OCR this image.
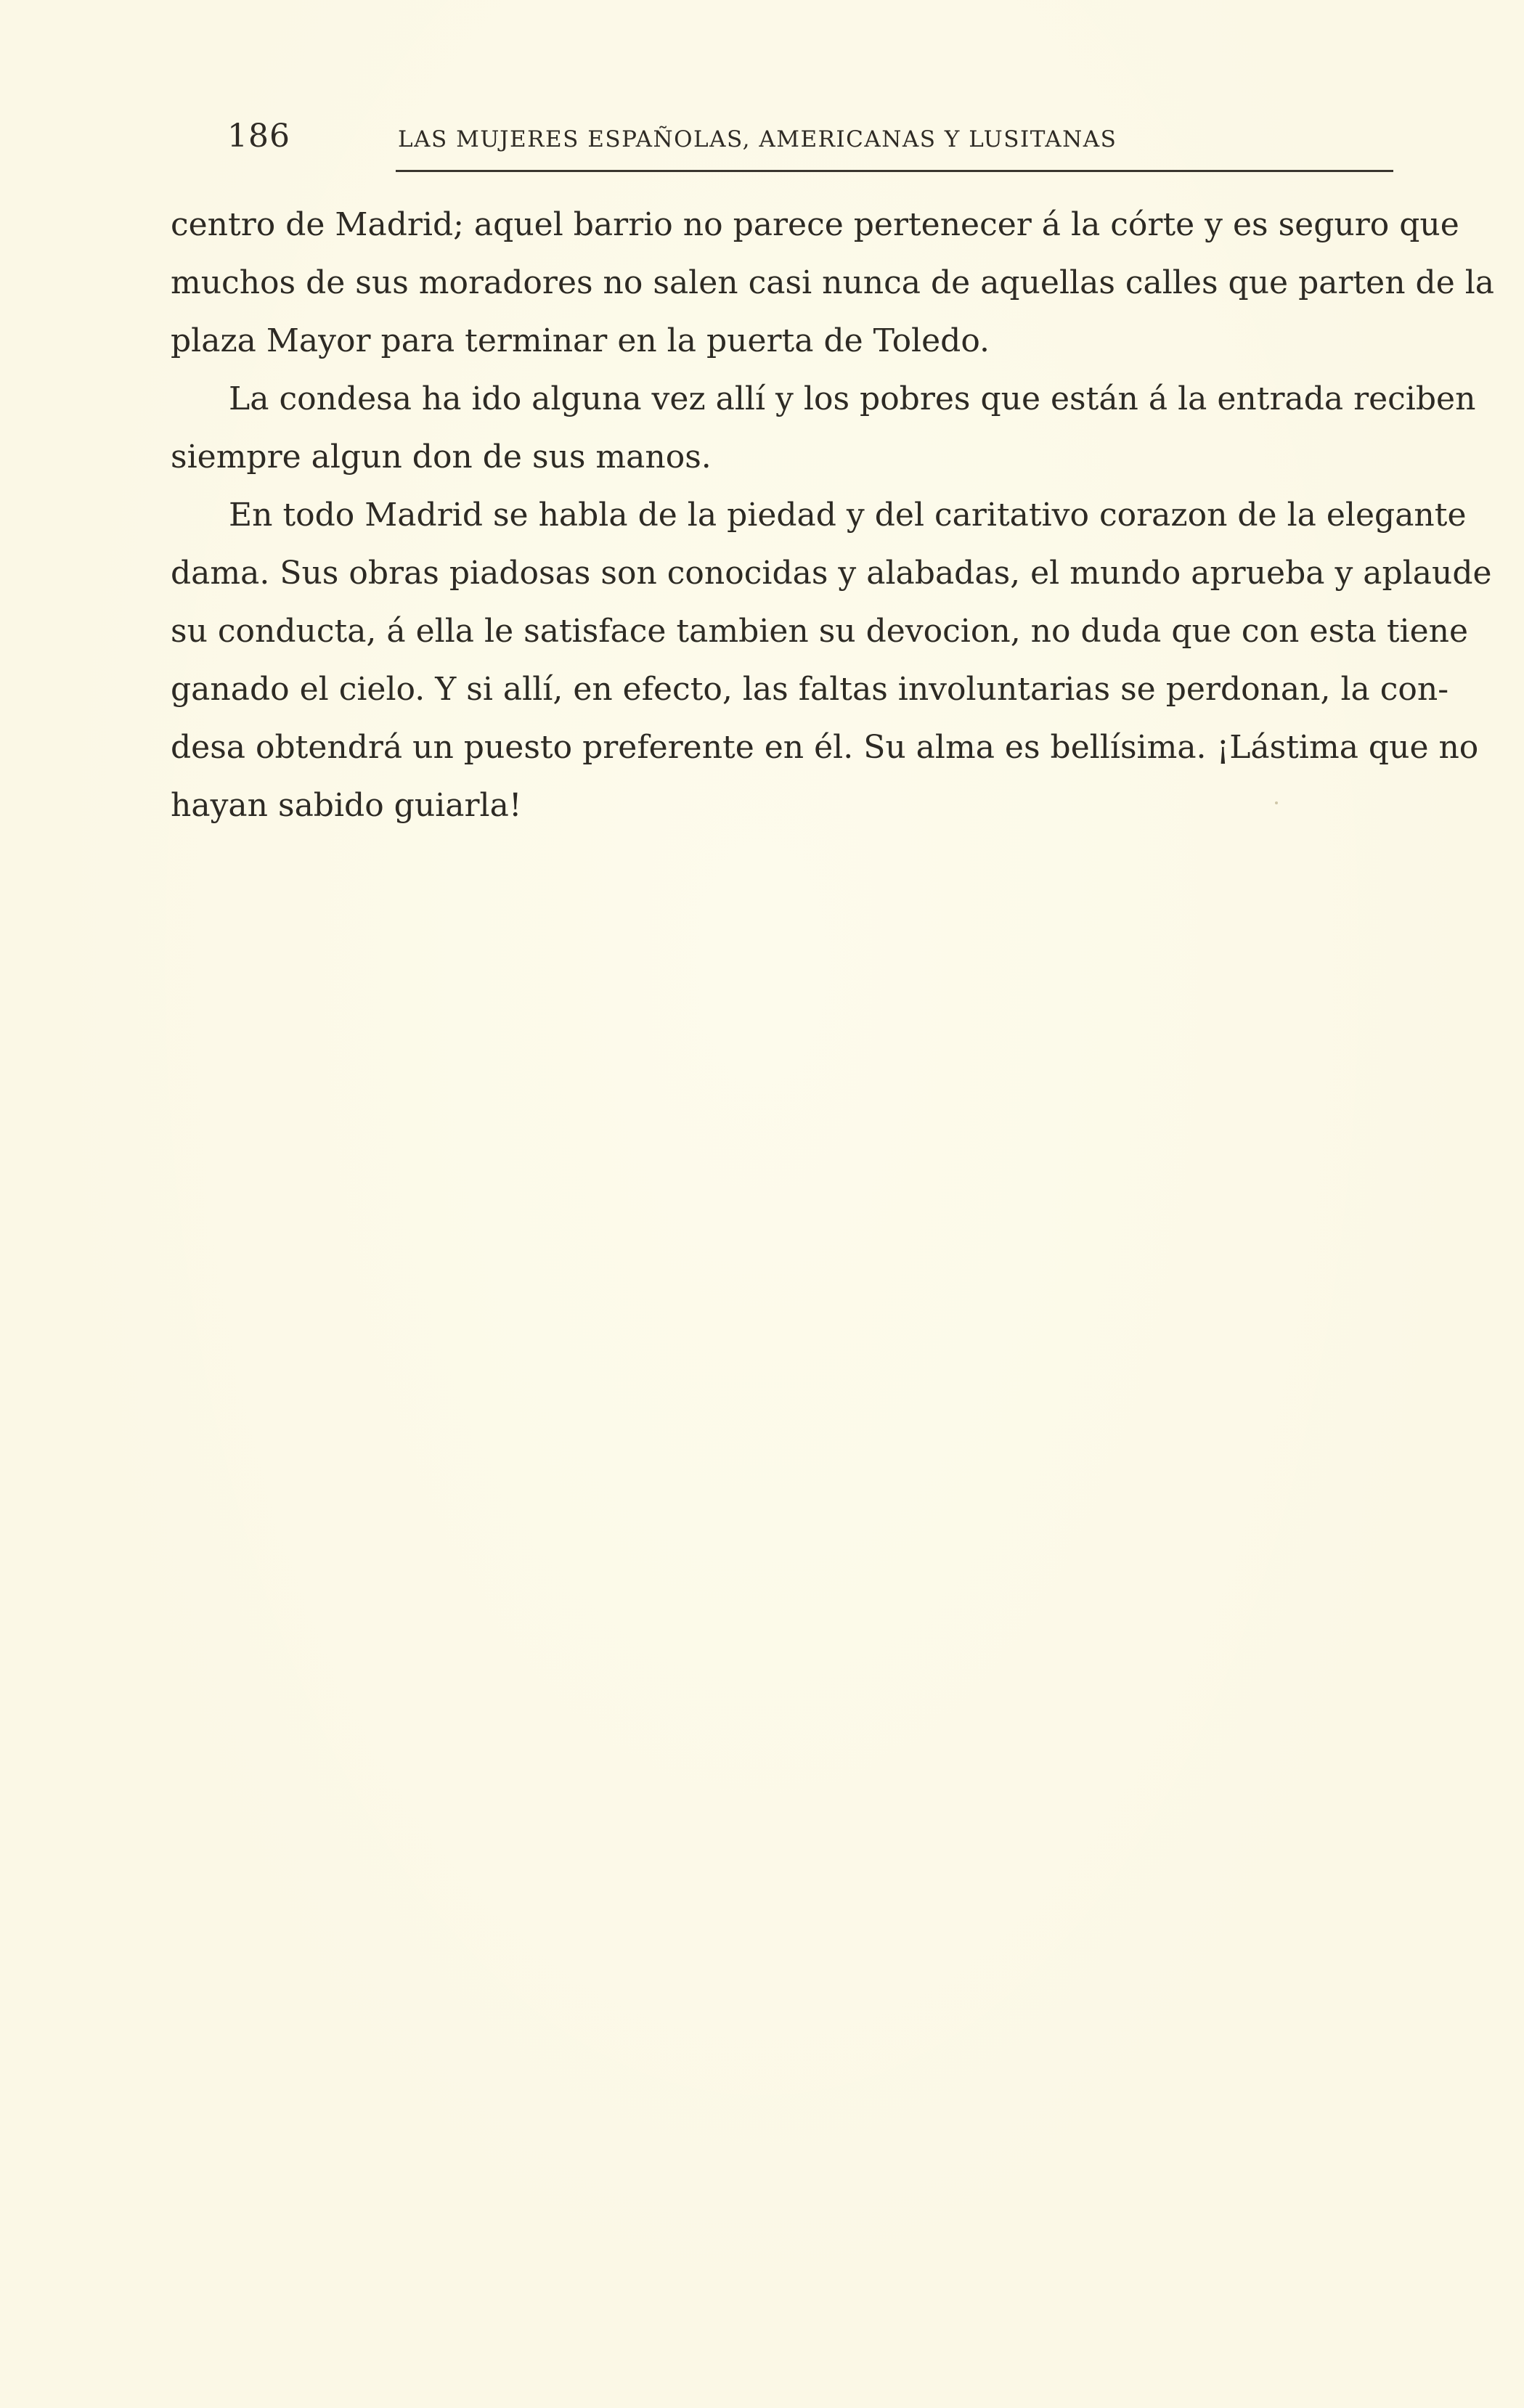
186	LAS MUJERES ESPAÑOLAS, AMERICANAS Y LUSITANAS
centro de Madrid; aquel barrio no parece pertenecer á la córte y es seguro que
muchos de sus moradores no salen casi nunca de aquellas calles que parten de la
plaza Mayor para terminar en la puerta de Toledo.
La condesa ha ido alguna vez allí y los pobres que están á la entrada reciben
siempre algun don de sus manos.
En todo Madrid se habla de la piedad y del caritativo corazon de la elegante
dama. Sus obras piadosas son conocidas y alabadas, el mundo aprueba y aplaude
su conducta, á ella le satisface tambien su devocion, no duda que con esta tiene
ganado el cielo. Y si allí, en efecto, las faltas involuntarias se perdonan, la con-
desa obtendrá un puesto preferente en él. Su alma es bellísima. ¡Lástima que no
hayan sabido guiarla!
